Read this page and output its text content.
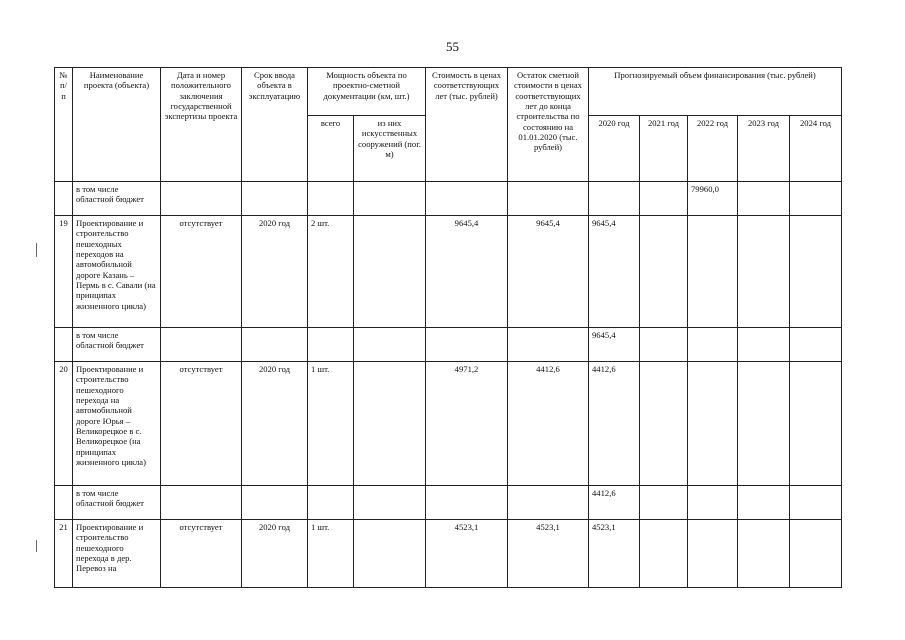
55
№ п/п	Наименование проекта (объекта)	Дата и номер положительного заключения государственной экспертизы проекта	Срок ввода объекта в эксплуатацию	Мощность объекта по проектно-сметной документации (км, шт.)		Стоимость в ценах соответствующих лет (тыс. рублей)	Остаток сметной стоимости в ценах соответствующих лет до конца строительства по состоянию на 01.01.2020 (тыс. рублей)	Прогнозируемый объем финансирования (тыс. рублей)				
				всего	из них искусственных сооружений (пог. м)			2020 год	2021 год	2022 год	2023 год	2024 год
	в том числе областной бюджет									79960,0		
19	Проектирование и строительство пешеходных переходов на автомобильной дороге Казань – Пермь в с. Савали (на принципах жизненного цикла)	отсутствует	2020 год	2 шт.		9645,4	9645,4	9645,4				
	в том числе областной бюджет							9645,4				
20	Проектирование и строительство пешеходного перехода на автомобильной дороге Юрья – Великорецкое в с. Великорецкое (на принципах жизненного цикла)	отсутствует	2020 год	1 шт.		4971,2	4412,6	4412,6				
	в том числе областной бюджет							4412,6				
21	Проектирование и строительство пешеходного перехода в дер. Перевоз на	отсутствует	2020 год	1 шт.		4523,1	4523,1	4523,1				
